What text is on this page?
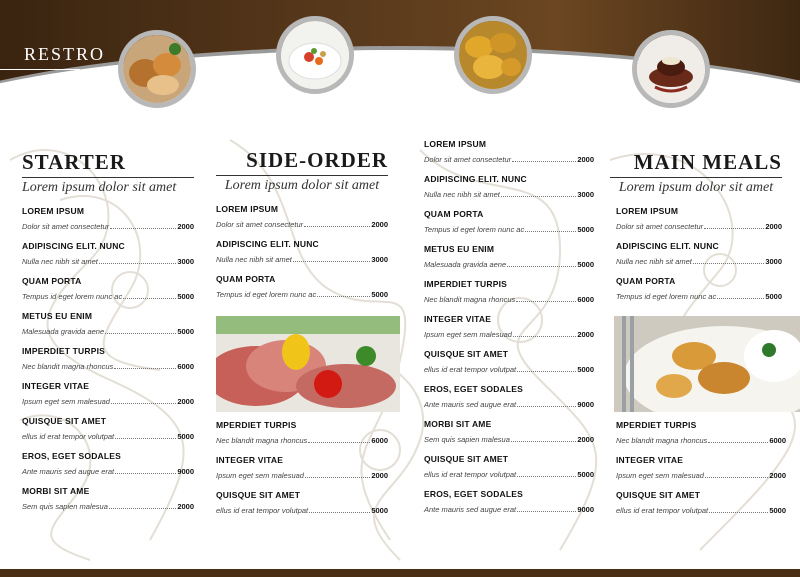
RESTRO
STARTER
Lorem ipsum dolor sit amet
LOREM IPSUM
Dolor sit amet consectetur	2000
ADIPISCING ELIT. NUNC
Nulla nec nibh sit amet	3000
QUAM PORTA
Tempus id eget lorem nunc ac	5000
METUS EU ENIM
Malesuada gravida aene	5000
IMPERDIET TURPIS
Nec blandit magna rhoncus	6000
INTEGER VITAE
Ipsum eget sem malesuad	2000
QUISQUE SIT AMET
ellus id erat tempor volutpat	5000
EROS, EGET SODALES
Ante mauris sed augue erat	9000
MORBI SIT AME
Sem quis sapien malesua	2000
SIDE-ORDER
Lorem ipsum dolor sit amet
LOREM IPSUM
Dolor sit amet consectetur	2000
ADIPISCING ELIT. NUNC
Nulla nec nibh sit amet	3000
QUAM PORTA
Tempus id eget lorem nunc ac	5000
MPERDIET TURPIS
Nec blandit magna rhoncus	6000
INTEGER VITAE
Ipsum eget sem malesuad	2000
QUISQUE SIT AMET
ellus id erat tempor volutpat	5000
LOREM IPSUM
Dolor sit amet consectetur	2000
ADIPISCING ELIT. NUNC
Nulla nec nibh sit amet	3000
QUAM PORTA
Tempus id eget lorem nunc ac	5000
METUS EU ENIM
Malesuada gravida aene	5000
IMPERDIET TURPIS
Nec blandit magna rhoncus	6000
INTEGER VITAE
Ipsum eget sem malesuad	2000
QUISQUE SIT AMET
ellus id erat tempor volutpat	5000
EROS, EGET SODALES
Ante mauris sed augue erat	9000
MORBI SIT AME
Sem quis sapien malesua	2000
QUISQUE SIT AMET
ellus id erat tempor volutpat	5000
EROS, EGET SODALES
Ante mauris sed augue erat	9000
MAIN MEALS
Lorem ipsum dolor sit amet
LOREM IPSUM
Dolor sit amet consectetur	2000
ADIPISCING ELIT. NUNC
Nulla nec nibh sit amet	3000
QUAM PORTA
Tempus id eget lorem nunc ac	5000
MPERDIET TURPIS
Nec blandit magna rhoncus	6000
INTEGER VITAE
Ipsum eget sem malesuad	2000
QUISQUE SIT AMET
ellus id erat tempor volutpat	5000
